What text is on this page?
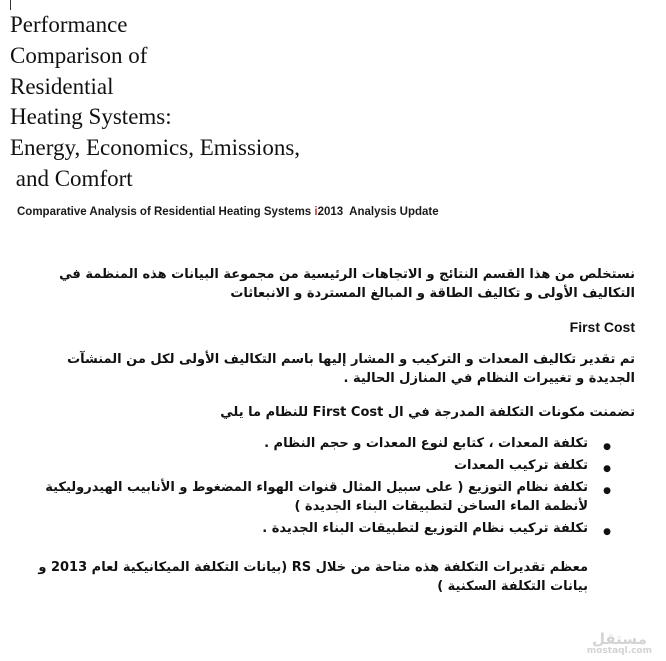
Performance
Comparison of
Residential
Heating Systems:
Energy, Economics, Emissions,
and Comfort
Comparative Analysis of Residential Heating Systems i2013  Analysis Update

نستخلص من هذا القسم النتائج و الاتجاهات الرئيسية من مجموعة البيانات هذه المنظمة في التكاليف الأولى و تكاليف الطاقة و المبالغ المستردة و الانبعاثات

First Cost

تم تقدير تكاليف المعدات و التركيب و المشار إليها باسم التكاليف الأولى لكل من المنشآت الجديدة و تغييرات النظام في المنازل الحالية .

تضمنت مكونات التكلفة المدرجة في ال First Cost للنظام ما يلي

●
تكلفة المعدات ، كتابع لنوع المعدات و حجم النظام .
●
تكلفة تركيب المعدات
●
تكلفة نظام التوزيع ( على سبيل المثال قنوات الهواء المضغوط و الأنابيب الهيدروليكية لأنظمة الماء الساخن لتطبيقات البناء الجديدة )
●
تكلفة تركيب نظام التوزيع لتطبيقات البناء الجديدة .

معظم تقديرات التكلفة هذه متاحة من خلال RS (بيانات التكلفة الميكانيكية لعام 2013 و بيانات التكلفة السكنية )

مستقل
mostaql.com
